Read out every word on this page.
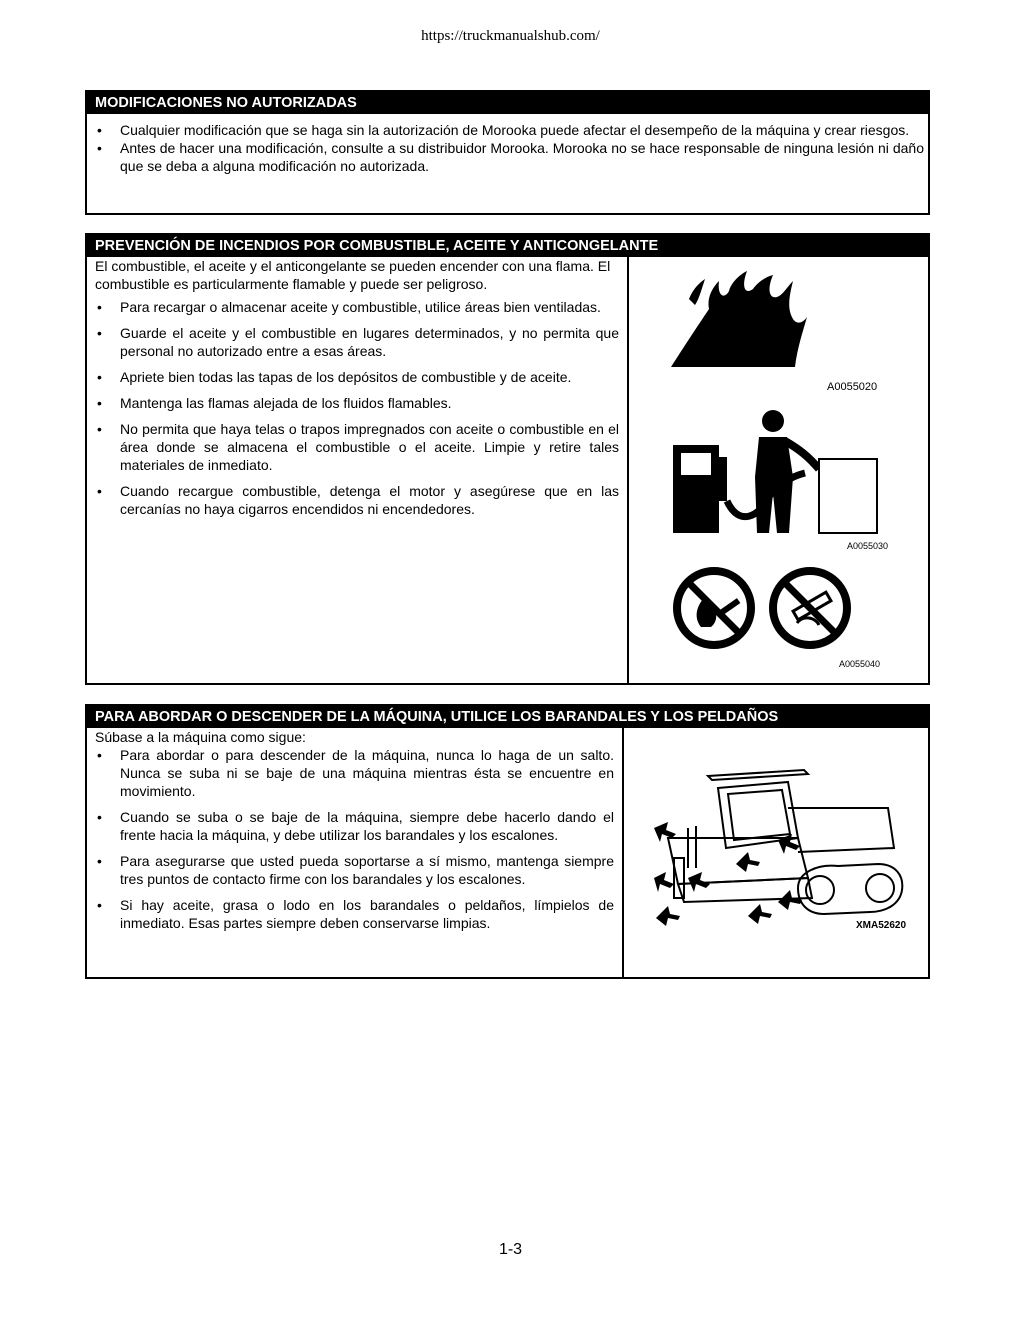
https://truckmanualshub.com/
MODIFICACIONES NO AUTORIZADAS
• Cualquier modificación que se haga sin la autorización de Morooka puede afectar el desempeño de la máquina y crear riesgos.
• Antes de hacer una modificación, consulte a su distribuidor Morooka. Morooka no se hace responsable de ninguna lesión ni daño que se deba a alguna modificación no autorizada.
PREVENCIÓN DE INCENDIOS POR COMBUSTIBLE, ACEITE Y ANTICONGELANTE
El combustible, el aceite y el anticongelante se pueden encender con una flama. El combustible es particularmente flamable y puede ser peligroso.
• Para recargar o almacenar aceite y combustible, utilice áreas bien ventiladas.
• Guarde el aceite y el combustible en lugares determinados, y no permita que personal no autorizado entre a esas áreas.
• Apriete bien todas las tapas de los depósitos de combustible y de aceite.
• Mantenga las flamas alejada de los fluidos flamables.
• No permita que haya telas o trapos impregnados con aceite o combustible en el área donde se almacena el combustible o el aceite. Limpie y retire tales materiales de inmediato.
• Cuando recargue combustible, detenga el motor y asegúrese que en las cercanías no haya cigarros encendidos ni encendedores.
A0055020
A0055030
A0055040
PARA ABORDAR O DESCENDER DE LA MÁQUINA, UTILICE LOS BARANDALES Y LOS PELDAÑOS
Súbase a la máquina como sigue:
• Para abordar o para descender de la máquina, nunca lo haga de un salto. Nunca se suba ni se baje de una máquina mientras ésta se encuentre en movimiento.
• Cuando se suba o se baje de la máquina, siempre debe hacerlo dando el frente hacia la máquina, y debe utilizar los barandales y los escalones.
• Para asegurarse que usted pueda soportarse a sí mismo, mantenga siempre tres puntos de contacto firme con los barandales y los escalones.
• Si hay aceite, grasa o lodo en los barandales o peldaños, límpielos de inmediato. Esas partes siempre deben conservarse limpias.	XMA52620
1-3
